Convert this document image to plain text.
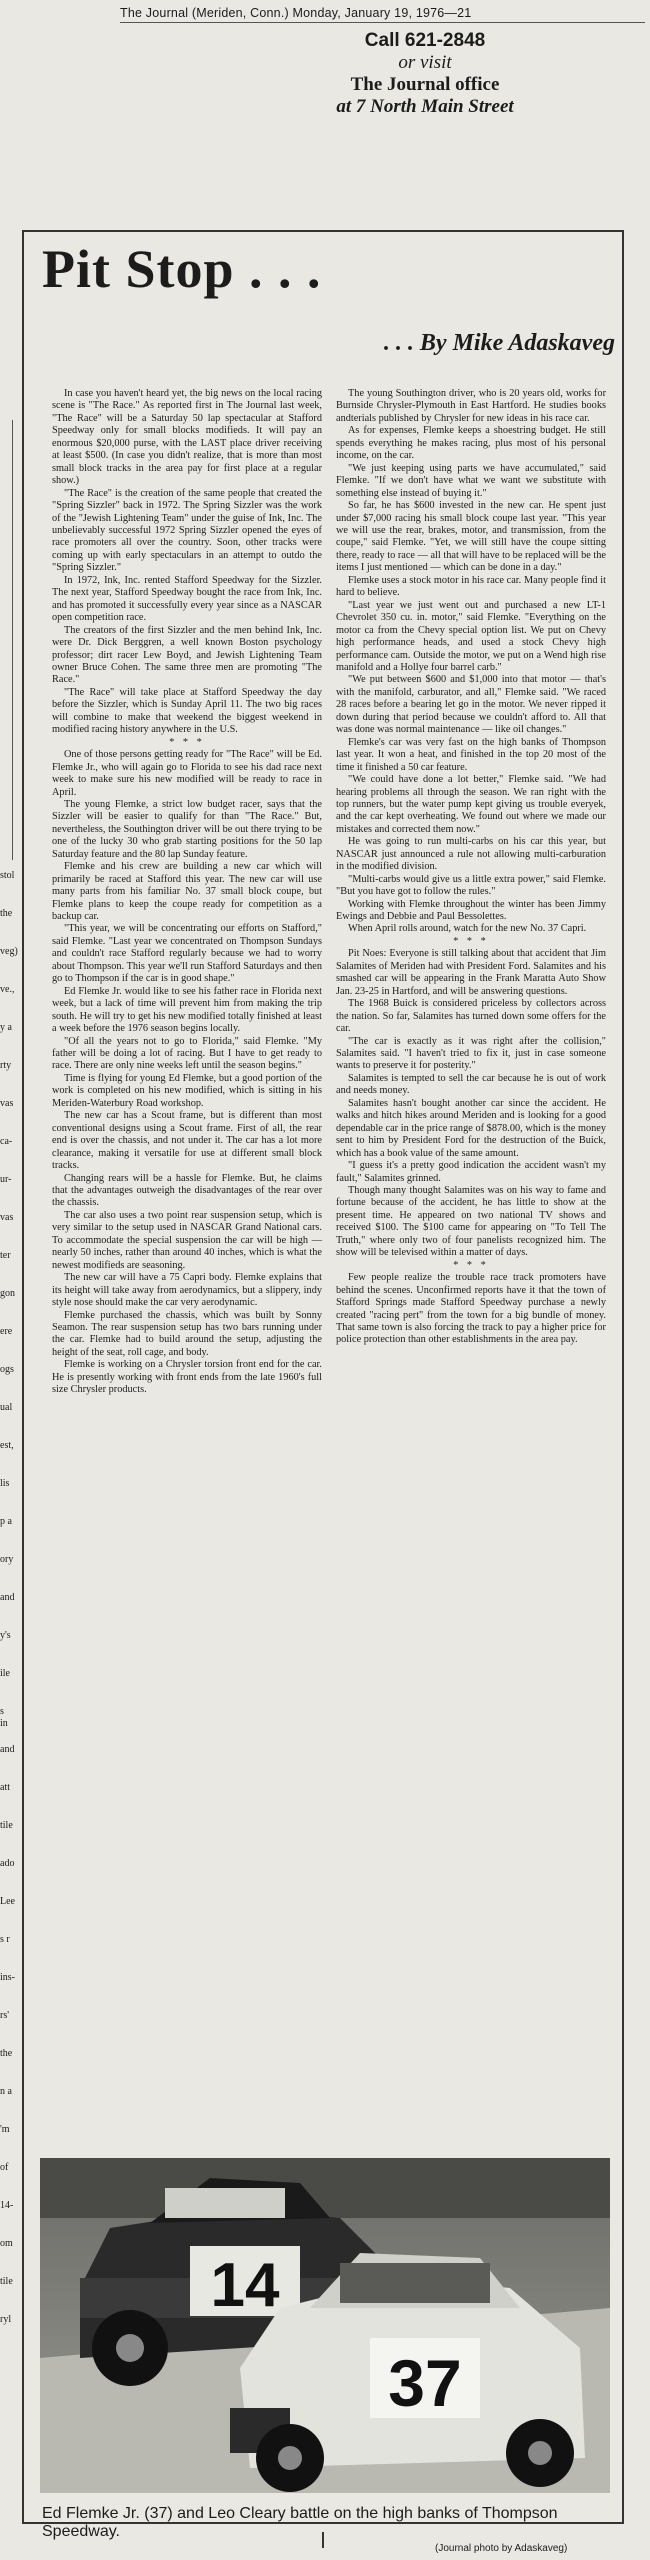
The Journal (Meriden, Conn.) Monday, January 19, 1976—21
Call 621-2848
or visit
The Journal office
at 7 North Main Street
stol
the
veg)
ve.,
y a
rty
vas
ca-
ur-
vas
ter
gon
ere
ogs
ual
est,
lis
p a
ory
and
y's
ile
s in
and
att
tile
ado
Lee
s r
ins-
rs'
the
n a
'm
of
14-
om
tile
ryl
Pit Stop . . .
. . . By Mike Adaskaveg

In case you haven't heard yet, the big news on the local racing scene is "The Race." As reported first in The Journal last week, "The Race" will be a Saturday 50 lap spectacular at Stafford Speedway only for small blocks modifieds. It will pay an enormous $20,000 purse, with the LAST place driver receiving at least $500. (In case you didn't realize, that is more than most small block tracks in the area pay for first place at a regular show.)

"The Race" is the creation of the same people that created the "Spring Sizzler" back in 1972. The Spring Sizzler was the work of the "Jewish Lightening Team" under the guise of Ink, Inc. The unbelievably successful 1972 Spring Sizzler opened the eyes of race promoters all over the country. Soon, other tracks were coming up with early spectaculars in an attempt to outdo the "Spring Sizzler."

In 1972, Ink, Inc. rented Stafford Speedway for the Sizzler. The next year, Stafford Speedway bought the race from Ink, Inc. and has promoted it successfully every year since as a NASCAR open competition race.

The creators of the first Sizzler and the men behind Ink, Inc. were Dr. Dick Berggren, a well known Boston psychology professor; dirt racer Lew Boyd, and Jewish Lightening Team owner Bruce Cohen. The same three men are promoting "The Race."

"The Race" will take place at Stafford Speedway the day before the Sizzler, which is Sunday April 11. The two big races will combine to make that weekend the biggest weekend in modified racing history anywhere in the U.S.

* * *

One of those persons getting ready for "The Race" will be Ed. Flemke Jr., who will again go to Florida to see his dad race next week to make sure his new modified will be ready to race in April.

The young Flemke, a strict low budget racer, says that the Sizzler will be easier to qualify for than "The Race." But, nevertheless, the Southington driver will be out there trying to be one of the lucky 30 who grab starting positions for the 50 lap Saturday feature and the 80 lap Sunday feature.

Flemke and his crew are building a new car which will primarily be raced at Stafford this year. The new car will use many parts from his familiar No. 37 small block coupe, but Flemke plans to keep the coupe ready for competition as a backup car.

"This year, we will be concentrating our efforts on Stafford," said Flemke. "Last year we concentrated on Thompson Sundays and couldn't race Stafford regularly because we had to worry about Thompson. This year we'll run Stafford Saturdays and then go to Thompson if the car is in good shape."

Ed Flemke Jr. would like to see his father race in Florida next week, but a lack of time will prevent him from making the trip south. He will try to get his new modified totally finished at least a week before the 1976 season begins locally.

"Of all the years not to go to Florida," said Flemke. "My father will be doing a lot of racing. But I have to get ready to race. There are only nine weeks left until the season begins."

Time is flying for young Ed Flemke, but a good portion of the work is completed on his new modified, which is sitting in his Meriden-Waterbury Road workshop.

The new car has a Scout frame, but is different than most conventional designs using a Scout frame. First of all, the rear end is over the chassis, and not under it. The car has a lot more clearance, making it versatile for use at different small block tracks.

Changing rears will be a hassle for Flemke. But, he claims that the advantages outweigh the disadvantages of the rear over the chassis.

The car also uses a two point rear suspension setup, which is very similar to the setup used in NASCAR Grand National cars. To accommodate the special suspension the car will be high — nearly 50 inches, rather than around 40 inches, which is what the newest modifieds are seasoning.

The new car will have a 75 Capri body. Flemke explains that its height will take away from aerodynamics, but a slippery, indy style nose should make the car very aerodynamic.

Flemke purchased the chassis, which was built by Sonny Seamon. The rear suspension setup has two bars running under the car. Flemke had to build around the setup, adjusting the height of the seat, roll cage, and body.

Flemke is working on a Chrysler torsion front end for the car. He is presently working with front ends from the late 1960's full size Chrysler products.

The young Southington driver, who is 20 years old, works for Burnside Chrysler-Plymouth in East Hartford. He studies books andterials published by Chrysler for new ideas in his race car.

As for expenses, Flemke keeps a shoestring budget. He still spends everything he makes racing, plus most of his personal income, on the car.

"We just keeping using parts we have accumulated," said Flemke. "If we don't have what we want we substitute with something else instead of buying it."

So far, he has $600 invested in the new car. He spent just under $7,000 racing his small block coupe last year. "This year we will use the rear, brakes, motor, and transmission, from the coupe," said Flemke. "Yet, we will still have the coupe sitting there, ready to race — all that will have to be replaced will be the items I just mentioned — which can be done in a day."

Flemke uses a stock motor in his race car. Many people find it hard to believe.

"Last year we just went out and purchased a new LT-1 Chevrolet 350 cu. in. motor," said Flemke. "Everything on the motor ca from the Chevy special option list. We put on Chevy high performance heads, and used a stock Chevy high performance cam. Outside the motor, we put on a Wend high rise manifold and a Hollye four barrel carb."

"We put between $600 and $1,000 into that motor — that's with the manifold, carburator, and all," Flemke said. "We raced 28 races before a bearing let go in the motor. We never ripped it down during that period because we couldn't afford to. All that was done was normal maintenance — like oil changes."

Flemke's car was very fast on the high banks of Thompson last year. It won a heat, and finished in the top 20 most of the time it finished a 50 car feature.

"We could have done a lot better," Flemke said. "We had hearing problems all through the season. We ran right with the top runners, but the water pump kept giving us trouble everyek, and the car kept overheating. We found out where we made our mistakes and corrected them now."

He was going to run multi-carbs on his car this year, but NASCAR just announced a rule not allowing multi-carburation in the modified division.

"Multi-carbs would give us a little extra power," said Flemke. "But you have got to follow the rules."

Working with Flemke throughout the winter has been Jimmy Ewings and Debbie and Paul Bessolettes.

When April rolls around, watch for the new No. 37 Capri.

* * *

Pit Noes: Everyone is still talking about that accident that Jim Salamites of Meriden had with President Ford. Salamites and his smashed car will be appearing in the Frank Maratta Auto Show Jan. 23-25 in Hartford, and will be answering questions.

The 1968 Buick is considered priceless by collectors across the nation. So far, Salamites has turned down some offers for the car.

"The car is exactly as it was right after the collision," Salamites said. "I haven't tried to fix it, just in case someone wants to preserve it for posterity."

Salamites is tempted to sell the car because he is out of work and needs money.

Salamites hasn't bought another car since the accident. He walks and hitch hikes around Meriden and is looking for a good dependable car in the price range of $878.00, which is the money sent to him by President Ford for the destruction of the Buick, which has a book value of the same amount.

"I guess it's a pretty good indication the accident wasn't my fault," Salamites grinned.

Though many thought Salamites was on his way to fame and fortune because of the accident, he has little to show at the present time. He appeared on two national TV shows and received $100. The $100 came for appearing on "To Tell The Truth," where only two of four panelists recognized him. The show will be televised within a matter of days.

* * *

Few people realize the trouble race track promoters have behind the scenes. Unconfirmed reports have it that the town of Stafford Springs made Stafford Speedway purchase a newly created "racing pert" from the town for a big bundle of money. That same town is also forcing the track to pay a higher price for police protection than other establishments in the area pay.

14
37
Ed Flemke Jr. (37) and Leo Cleary battle on the high banks of Thompson Speedway.
(Journal photo by Adaskaveg)
